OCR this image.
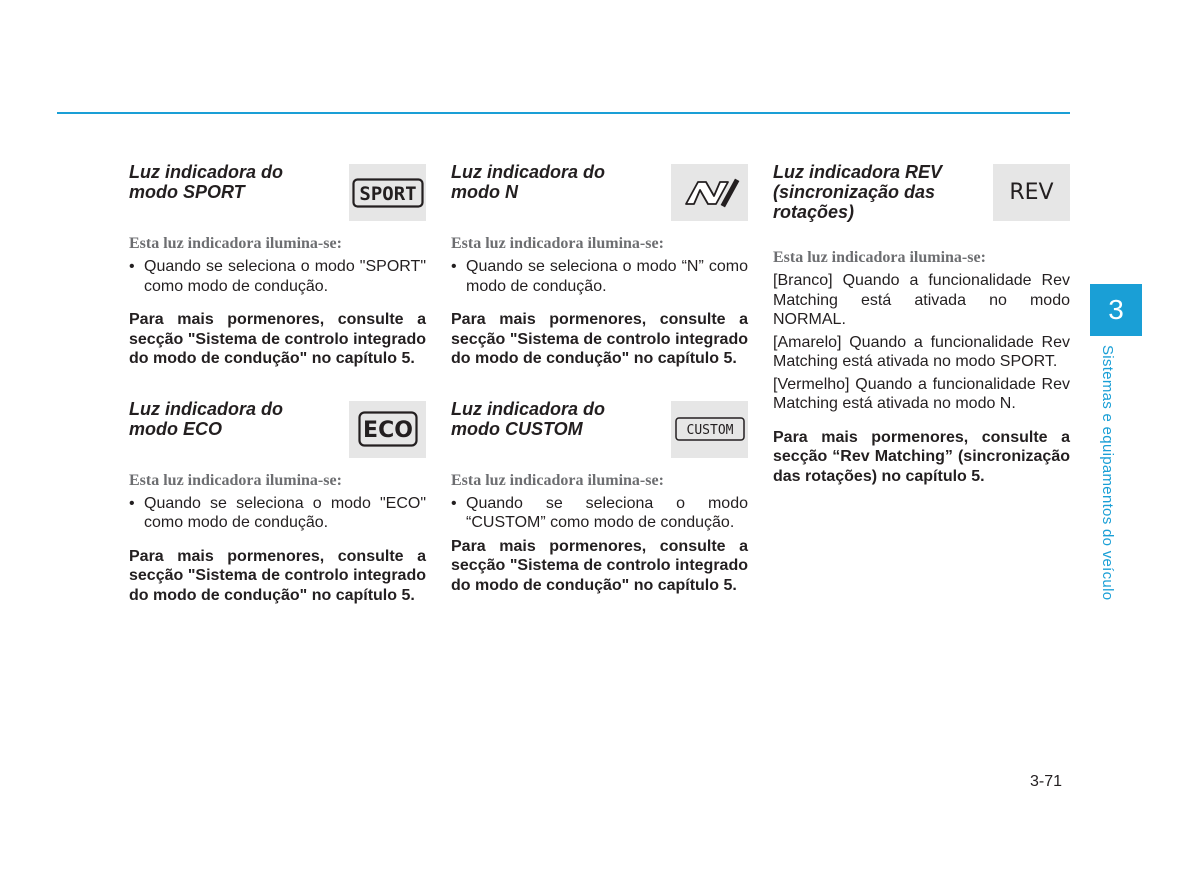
Luz indicadora do modo SPORT	SPORT
Esta luz indicadora ilumina-se:
• Quando se seleciona o modo "SPORT" como modo de condução.
Para mais pormenores, consulte a secção "Sistema de controlo integrado do modo de condução" no capítulo 5.
Luz indicadora do modo ECO	ECO
Esta luz indicadora ilumina-se:
• Quando se seleciona o modo "ECO" como modo de condução.
Para mais pormenores, consulte a secção "Sistema de controlo integrado do modo de condução" no capítulo 5.
Luz indicadora do modo N
Esta luz indicadora ilumina-se:
• Quando se seleciona o modo “N” como modo de condução.
Para mais pormenores, consulte a secção "Sistema de controlo integrado do modo de condução" no capítulo 5.
Luz indicadora do modo CUSTOM	CUSTOM
Esta luz indicadora ilumina-se:
• Quando se seleciona o modo “CUSTOM” como modo de condução.
Para mais pormenores, consulte a secção "Sistema de controlo integrado do modo de condução" no capítulo 5.
Luz indicadora REV (sincronização das rotações)
REV
Esta luz indicadora ilumina-se:
[Branco] Quando a funcionalidade Rev Matching está ativada no modo NORMAL.
[Amarelo] Quando a funcionalidade Rev Matching está ativada no modo SPORT.
[Vermelho] Quando a funcionalidade Rev Matching está ativada no modo N.
Para mais pormenores, consulte a secção “Rev Matching” (sincronização das rotações) no capítulo 5.
3
Sistemas e equipamentos do veículo
3-71
